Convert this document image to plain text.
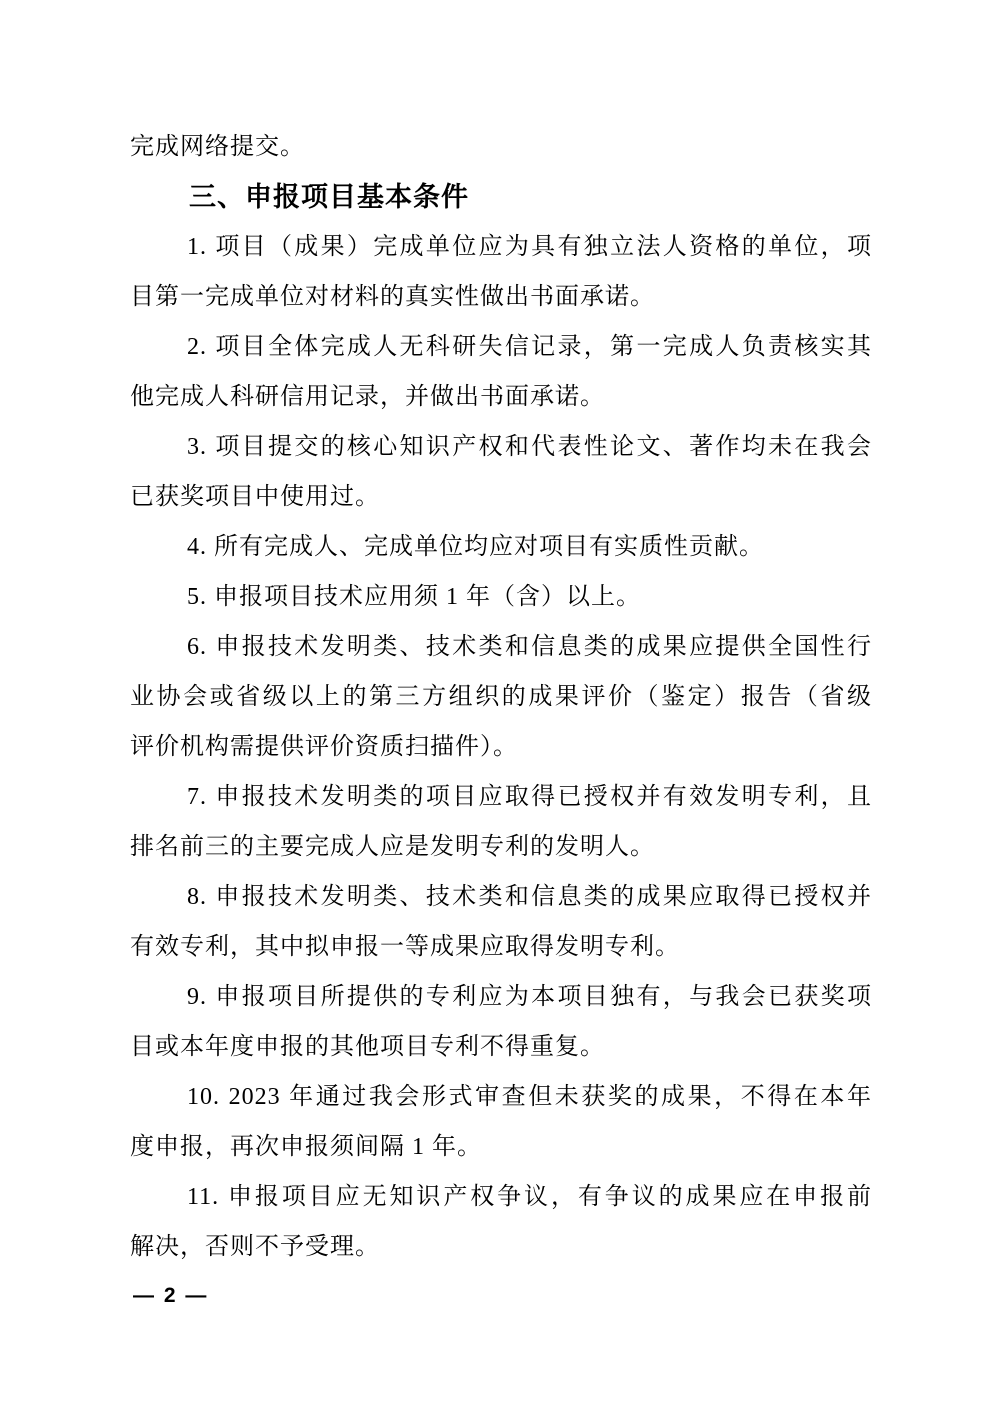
完成网络提交。
三、申报项目基本条件
1. 项目（成果）完成单位应为具有独立法人资格的单位，项
目第一完成单位对材料的真实性做出书面承诺。
2. 项目全体完成人无科研失信记录，第一完成人负责核实其
他完成人科研信用记录，并做出书面承诺。
3. 项目提交的核心知识产权和代表性论文、著作均未在我会
已获奖项目中使用过。
4. 所有完成人、完成单位均应对项目有实质性贡献。
5. 申报项目技术应用须 1 年（含）以上。
6. 申报技术发明类、技术类和信息类的成果应提供全国性行
业协会或省级以上的第三方组织的成果评价（鉴定）报告（省级
评价机构需提供评价资质扫描件）。
7. 申报技术发明类的项目应取得已授权并有效发明专利，且
排名前三的主要完成人应是发明专利的发明人。
8. 申报技术发明类、技术类和信息类的成果应取得已授权并
有效专利，其中拟申报一等成果应取得发明专利。
9. 申报项目所提供的专利应为本项目独有，与我会已获奖项
目或本年度申报的其他项目专利不得重复。
10. 2023 年通过我会形式审查但未获奖的成果，不得在本年
度申报，再次申报须间隔 1 年。
11. 申报项目应无知识产权争议，有争议的成果应在申报前
解决，否则不予受理。
— 2 —
